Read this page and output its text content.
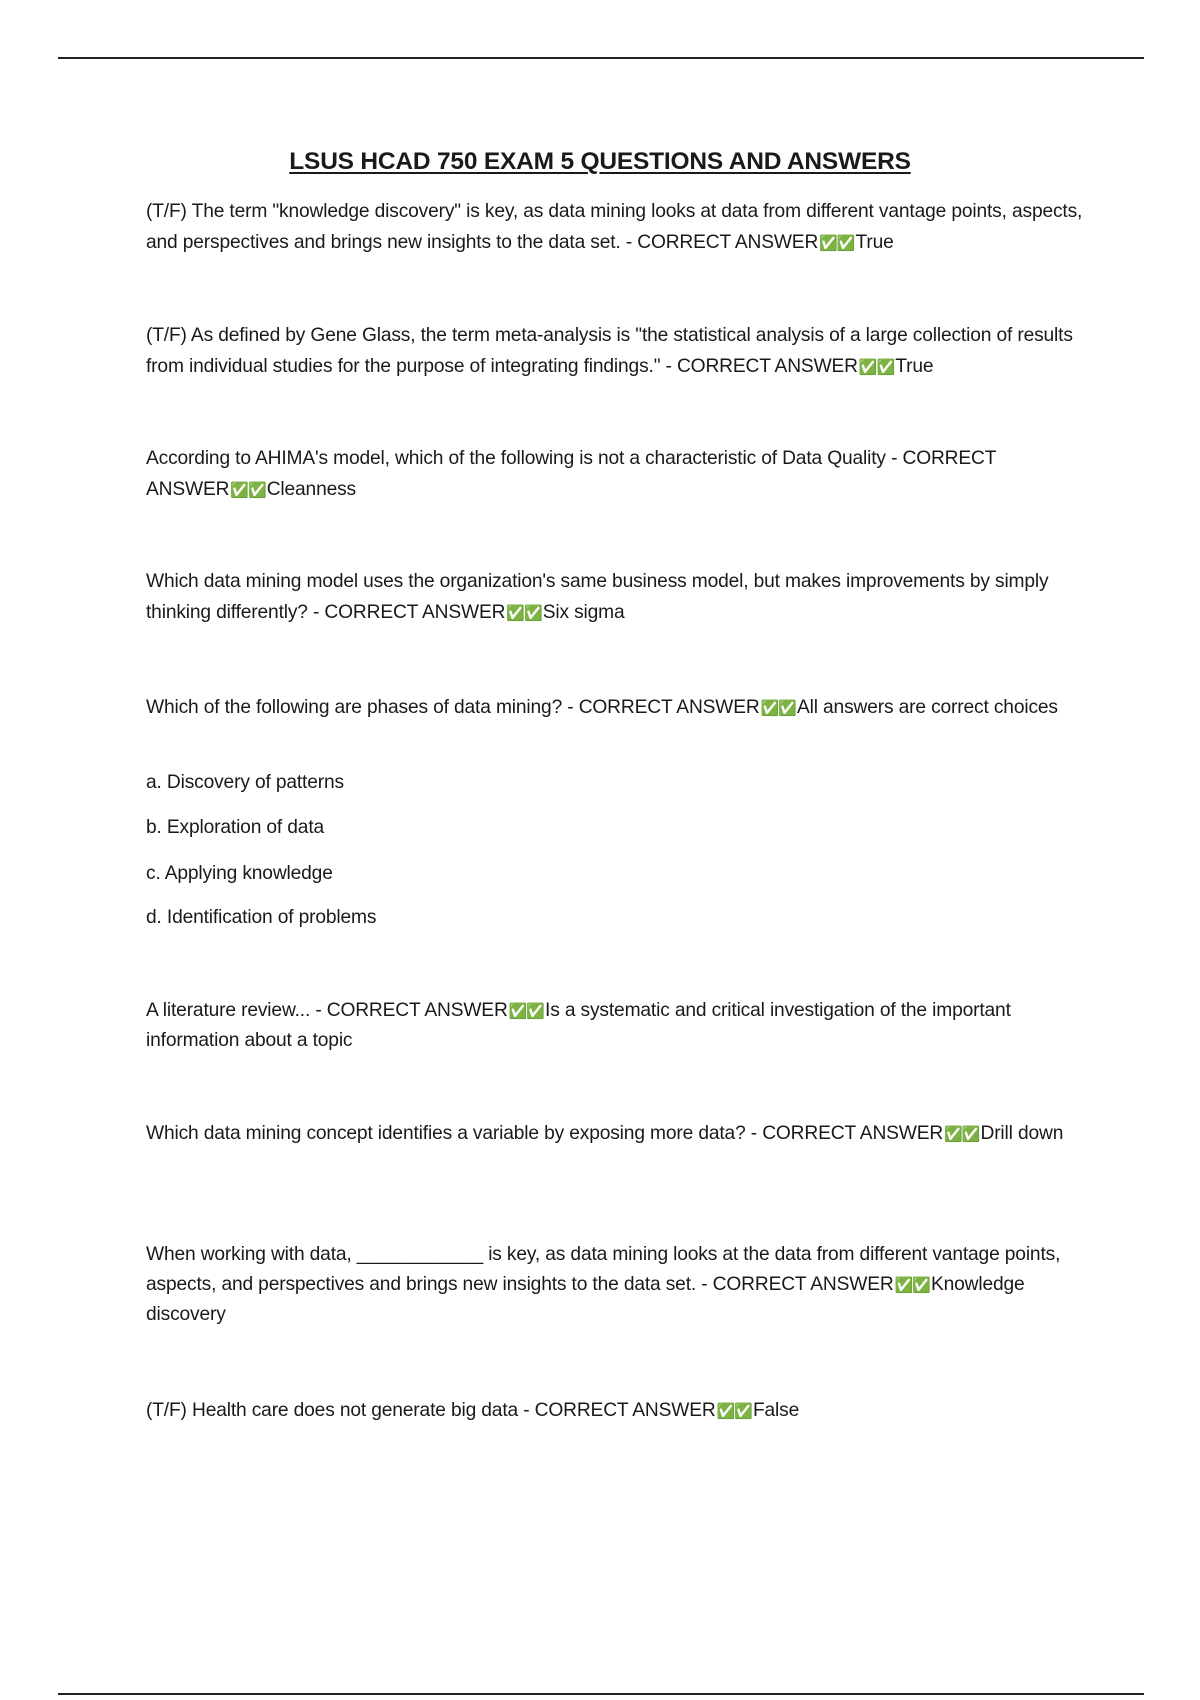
LSUS HCAD 750 EXAM 5 QUESTIONS AND ANSWERS

(T/F) The term "knowledge discovery" is key, as data mining looks at data from different vantage points, aspects, and perspectives and brings new insights to the data set. - CORRECT ANSWER✅✅True

(T/F) As defined by Gene Glass, the term meta-analysis is "the statistical analysis of a large collection of results from individual studies for the purpose of integrating findings." - CORRECT ANSWER✅✅True

According to AHIMA's model, which of the following is not a characteristic of Data Quality - CORRECT ANSWER✅✅Cleanness

Which data mining model uses the organization's same business model, but makes improvements by simply thinking differently? - CORRECT ANSWER✅✅Six sigma

Which of the following are phases of data mining? - CORRECT ANSWER✅✅All answers are correct choices

a. Discovery of patterns

b. Exploration of data

c. Applying knowledge

d. Identification of problems

A literature review... - CORRECT ANSWER✅✅Is a systematic and critical investigation of the important information about a topic

Which data mining concept identifies a variable by exposing more data? - CORRECT ANSWER✅✅Drill down

When working with data, ____________ is key, as data mining looks at the data from different vantage points, aspects, and perspectives and brings new insights to the data set. - CORRECT ANSWER✅✅Knowledge discovery

(T/F) Health care does not generate big data - CORRECT ANSWER✅✅False
